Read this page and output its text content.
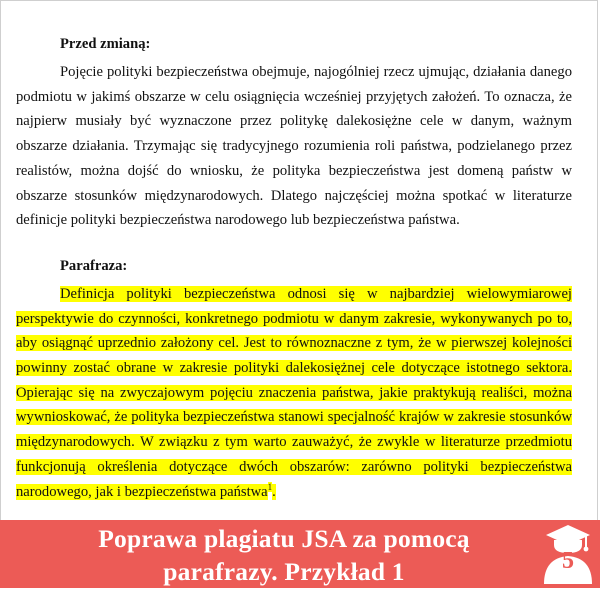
Przed zmianą:

Pojęcie polityki bezpieczeństwa obejmuje, najogólniej rzecz ujmując, działania danego podmiotu w jakimś obszarze w celu osiągnięcia wcześniej przyjętych założeń. To oznacza, że najpierw musiały być wyznaczone przez politykę dalekosiężne cele w danym, ważnym obszarze działania. Trzymając się tradycyjnego rozumienia roli państwa, podzielanego przez realistów, można dojść do wniosku, że polityka bezpieczeństwa jest domeną państw w obszarze stosunków międzynarodowych. Dlatego najczęściej można spotkać w literaturze definicje polityki bezpieczeństwa narodowego lub bezpieczeństwa państwa.

Parafraza:

Definicja polityki bezpieczeństwa odnosi się w najbardziej wielowymiarowej perspektywie do czynności, konkretnego podmiotu w danym zakresie, wykonywanych po to, aby osiągnąć uprzednio założony cel. Jest to równoznaczne z tym, że w pierwszej kolejności powinny zostać obrane w zakresie polityki dalekosiężnej cele dotyczące istotnego sektora. Opierając się na zwyczajowym pojęciu znaczenia państwa, jakie praktykują realiści, można wywnioskować, że polityka bezpieczeństwa stanowi specjalność krajów w zakresie stosunków międzynarodowych. W związku z tym warto zauważyć, że zwykle w literaturze przedmiotu funkcjonują określenia dotyczące dwóch obszarów: zarówno polityki bezpieczeństwa narodowego, jak i bezpieczeństwa państwa$^1$.

Poprawa plagiatu JSA za pomocą
parafrazy. Przykład 1	5
